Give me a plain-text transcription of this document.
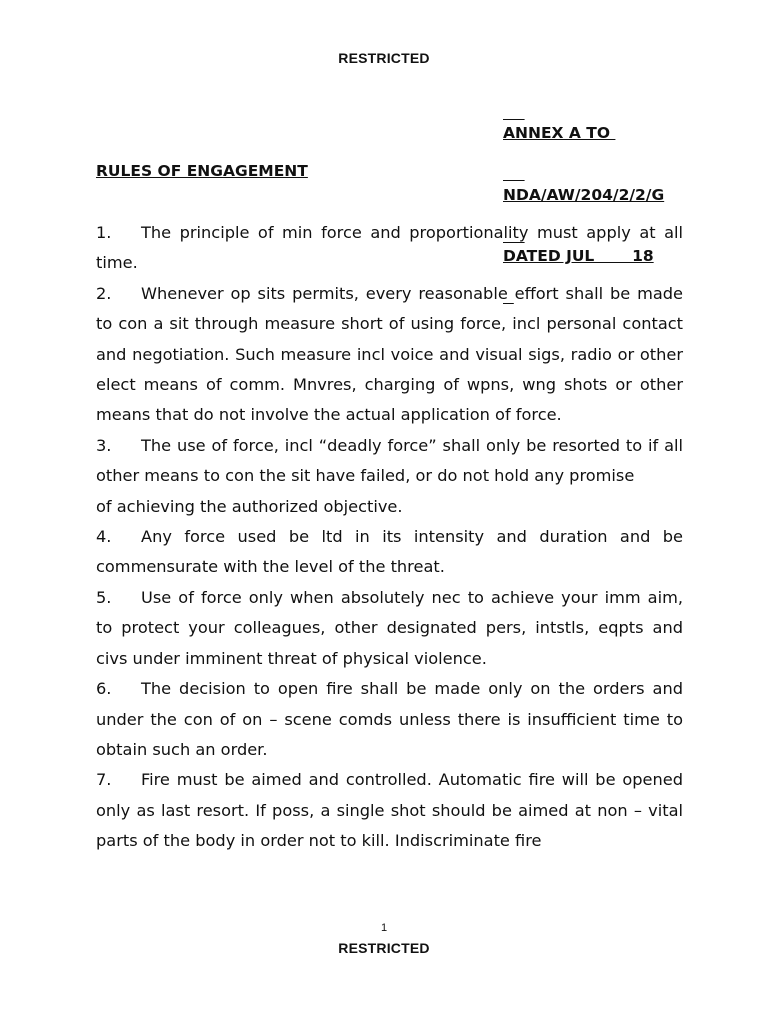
RESTRICTED

ANNEX A TO

NDA/AW/204/2/2/G

DATED JUL       18

RULES OF ENGAGEMENT
1. The principle of min force and proportionality must apply at all time.
2. Whenever op sits permits, every reasonable effort shall be made to con a sit through measure short of using force, incl personal contact and negotiation. Such measure incl voice and visual sigs, radio or other elect means of comm. Mnvres, charging of wpns, wng shots or other means that do not involve the actual application of force.
3. The use of force, incl “deadly force” shall only be resorted to if all other means to con the sit have failed, or do not hold any promise
of achieving the authorized objective.
4. Any force used be ltd in its intensity and duration and be commensurate with the level of the threat.
5. Use of force only when absolutely nec to achieve your imm aim, to protect your colleagues, other designated pers, intstls, eqpts and civs under imminent threat of physical violence.
6. The decision to open fire shall be made only on the orders and under the con of on – scene comds unless there is insufficient time to obtain such an order.
7. Fire must be aimed and controlled. Automatic fire will be opened only as last resort. If poss, a single shot should be aimed at non – vital parts of the body in order not to kill. Indiscriminate fire
1
RESTRICTED
